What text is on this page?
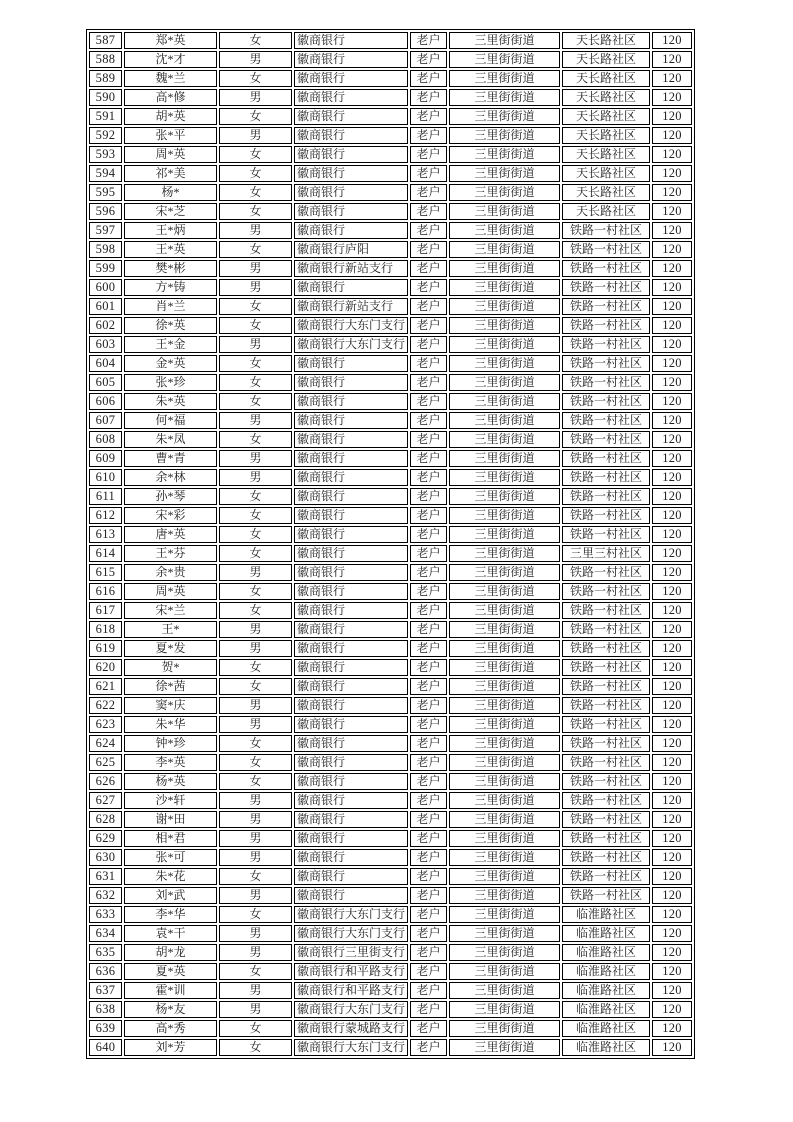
587	郑*英	女	徽商银行	老户	三里街街道	天长路社区	120
588	沈*才	男	徽商银行	老户	三里街街道	天长路社区	120
589	魏*兰	女	徽商银行	老户	三里街街道	天长路社区	120
590	高*修	男	徽商银行	老户	三里街街道	天长路社区	120
591	胡*英	女	徽商银行	老户	三里街街道	天长路社区	120
592	张*平	男	徽商银行	老户	三里街街道	天长路社区	120
593	周*英	女	徽商银行	老户	三里街街道	天长路社区	120
594	祁*美	女	徽商银行	老户	三里街街道	天长路社区	120
595	杨*	女	徽商银行	老户	三里街街道	天长路社区	120
596	宋*芝	女	徽商银行	老户	三里街街道	天长路社区	120
597	王*炳	男	徽商银行	老户	三里街街道	铁路一村社区	120
598	王*英	女	徽商银行庐阳	老户	三里街街道	铁路一村社区	120
599	樊*彬	男	徽商银行新站支行	老户	三里街街道	铁路一村社区	120
600	方*铸	男	徽商银行	老户	三里街街道	铁路一村社区	120
601	肖*兰	女	徽商银行新站支行	老户	三里街街道	铁路一村社区	120
602	徐*英	女	徽商银行大东门支行	老户	三里街街道	铁路一村社区	120
603	王*金	男	徽商银行大东门支行	老户	三里街街道	铁路一村社区	120
604	金*英	女	徽商银行	老户	三里街街道	铁路一村社区	120
605	张*珍	女	徽商银行	老户	三里街街道	铁路一村社区	120
606	朱*英	女	徽商银行	老户	三里街街道	铁路一村社区	120
607	何*福	男	徽商银行	老户	三里街街道	铁路一村社区	120
608	朱*凤	女	徽商银行	老户	三里街街道	铁路一村社区	120
609	曹*青	男	徽商银行	老户	三里街街道	铁路一村社区	120
610	余*林	男	徽商银行	老户	三里街街道	铁路一村社区	120
611	孙*琴	女	徽商银行	老户	三里街街道	铁路一村社区	120
612	宋*彩	女	徽商银行	老户	三里街街道	铁路一村社区	120
613	唐*英	女	徽商银行	老户	三里街街道	铁路一村社区	120
614	王*芬	女	徽商银行	老户	三里街街道	三里三村社区	120
615	余*贵	男	徽商银行	老户	三里街街道	铁路一村社区	120
616	周*英	女	徽商银行	老户	三里街街道	铁路一村社区	120
617	宋*兰	女	徽商银行	老户	三里街街道	铁路一村社区	120
618	王*	男	徽商银行	老户	三里街街道	铁路一村社区	120
619	夏*发	男	徽商银行	老户	三里街街道	铁路一村社区	120
620	贺*	女	徽商银行	老户	三里街街道	铁路一村社区	120
621	徐*茜	女	徽商银行	老户	三里街街道	铁路一村社区	120
622	窦*庆	男	徽商银行	老户	三里街街道	铁路一村社区	120
623	朱*华	男	徽商银行	老户	三里街街道	铁路一村社区	120
624	钟*珍	女	徽商银行	老户	三里街街道	铁路一村社区	120
625	李*英	女	徽商银行	老户	三里街街道	铁路一村社区	120
626	杨*英	女	徽商银行	老户	三里街街道	铁路一村社区	120
627	沙*轩	男	徽商银行	老户	三里街街道	铁路一村社区	120
628	谢*田	男	徽商银行	老户	三里街街道	铁路一村社区	120
629	相*君	男	徽商银行	老户	三里街街道	铁路一村社区	120
630	张*可	男	徽商银行	老户	三里街街道	铁路一村社区	120
631	朱*花	女	徽商银行	老户	三里街街道	铁路一村社区	120
632	刘*武	男	徽商银行	老户	三里街街道	铁路一村社区	120
633	李*华	女	徽商银行大东门支行	老户	三里街街道	临淮路社区	120
634	袁*干	男	徽商银行大东门支行	老户	三里街街道	临淮路社区	120
635	胡*龙	男	徽商银行三里街支行	老户	三里街街道	临淮路社区	120
636	夏*英	女	徽商银行和平路支行	老户	三里街街道	临淮路社区	120
637	霍*训	男	徽商银行和平路支行	老户	三里街街道	临淮路社区	120
638	杨*友	男	徽商银行大东门支行	老户	三里街街道	临淮路社区	120
639	高*秀	女	徽商银行蒙城路支行	老户	三里街街道	临淮路社区	120
640	刘*芳	女	徽商银行大东门支行	老户	三里街街道	临淮路社区	120
